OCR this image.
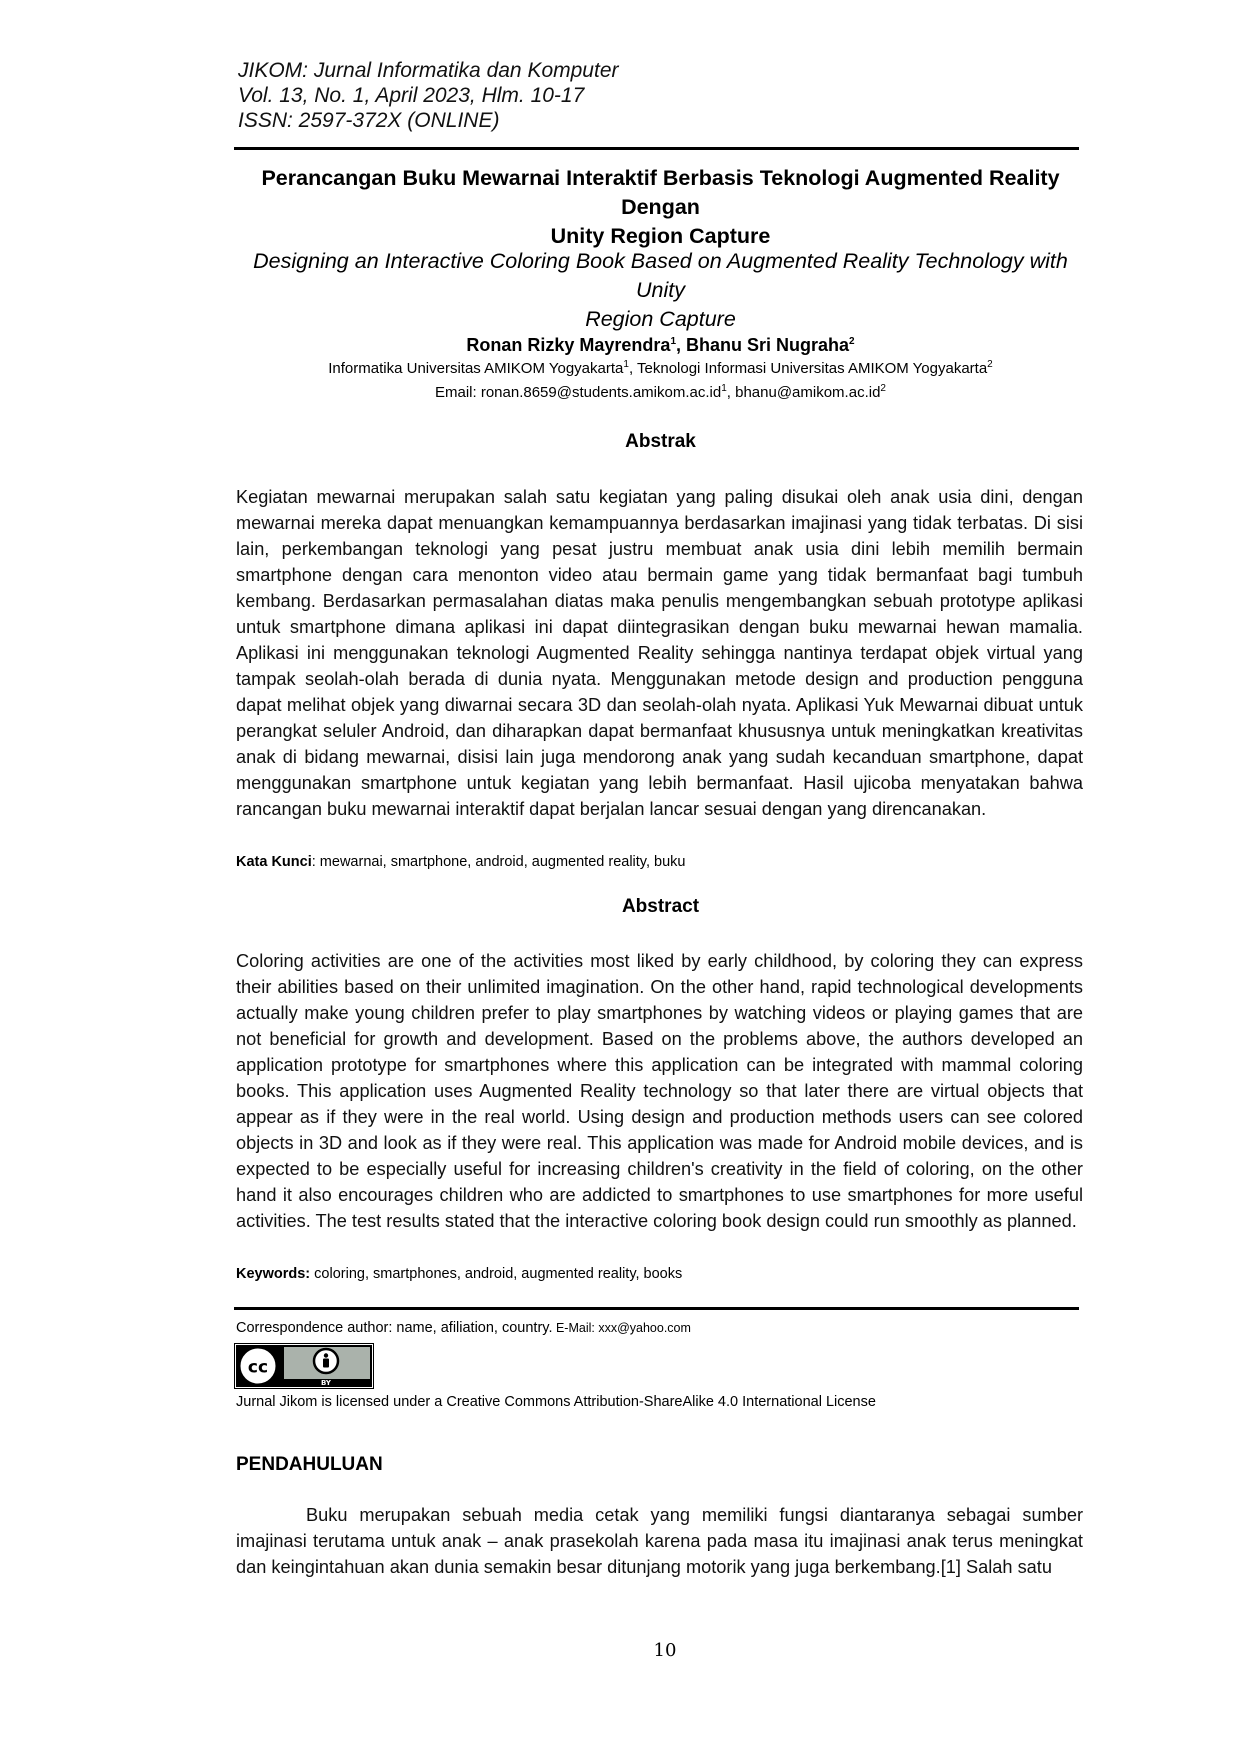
JIKOM: Jurnal Informatika dan Komputer
Vol. 13, No. 1, April 2023, Hlm. 10-17
ISSN: 2597-372X (ONLINE)
Perancangan Buku Mewarnai Interaktif Berbasis Teknologi Augmented Reality Dengan
Unity Region Capture
Designing an Interactive Coloring Book Based on Augmented Reality Technology with Unity
Region Capture
Ronan Rizky Mayrendra$^1$, Bhanu Sri Nugraha$^2$
Informatika Universitas AMIKOM Yogyakarta$^1$, Teknologi Informasi Universitas AMIKOM Yogyakarta$^2$
Email: $ronan.8659@students.amikom.ac.id^1$, $bhanu@amikom.ac.id^2$
Abstrak
Kegiatan mewarnai merupakan salah satu kegiatan yang paling disukai oleh anak usia dini, dengan mewarnai mereka dapat menuangkan kemampuannya berdasarkan imajinasi yang tidak terbatas. Di sisi lain, perkembangan teknologi yang pesat justru membuat anak usia dini lebih memilih bermain smartphone dengan cara menonton video atau bermain game yang tidak bermanfaat bagi tumbuh kembang. Berdasarkan permasalahan diatas maka penulis mengembangkan sebuah prototype aplikasi untuk smartphone dimana aplikasi ini dapat diintegrasikan dengan buku mewarnai hewan mamalia. Aplikasi ini menggunakan teknologi Augmented Reality sehingga nantinya terdapat objek virtual yang tampak seolah-olah berada di dunia nyata. Menggunakan metode design and production pengguna dapat melihat objek yang diwarnai secara 3D dan seolah-olah nyata. Aplikasi Yuk Mewarnai dibuat untuk perangkat seluler Android, dan diharapkan dapat bermanfaat khususnya untuk meningkatkan kreativitas anak di bidang mewarnai, disisi lain juga mendorong anak yang sudah kecanduan smartphone, dapat menggunakan smartphone untuk kegiatan yang lebih bermanfaat. Hasil ujicoba menyatakan bahwa rancangan buku mewarnai interaktif dapat berjalan lancar sesuai dengan yang direncanakan.
Kata Kunci: mewarnai, smartphone, android, augmented reality, buku
Abstract
Coloring activities are one of the activities most liked by early childhood, by coloring they can express their abilities based on their unlimited imagination. On the other hand, rapid technological developments actually make young children prefer to play smartphones by watching videos or playing games that are not beneficial for growth and development. Based on the problems above, the authors developed an application prototype for smartphones where this application can be integrated with mammal coloring books. This application uses Augmented Reality technology so that later there are virtual objects that appear as if they were in the real world. Using design and production methods users can see colored objects in 3D and look as if they were real. This application was made for Android mobile devices, and is expected to be especially useful for increasing children's creativity in the field of coloring, on the other hand it also encourages children who are addicted to smartphones to use smartphones for more useful activities. The test results stated that the interactive coloring book design could run smoothly as planned.
Keywords: coloring, smartphones, android, augmented reality, books
Correspondence author: name, afiliation, country. E-Mail: xxx@yahoo.com
cc
BY
Jurnal Jikom is licensed under a Creative Commons Attribution-ShareAlike 4.0 International License
PENDAHULUAN
Buku merupakan sebuah media cetak yang memiliki fungsi diantaranya sebagai sumber imajinasi terutama untuk anak – anak prasekolah karena pada masa itu imajinasi anak terus meningkat dan keingintahuan akan dunia semakin besar ditunjang motorik yang juga berkembang.[1] Salah satu
10
